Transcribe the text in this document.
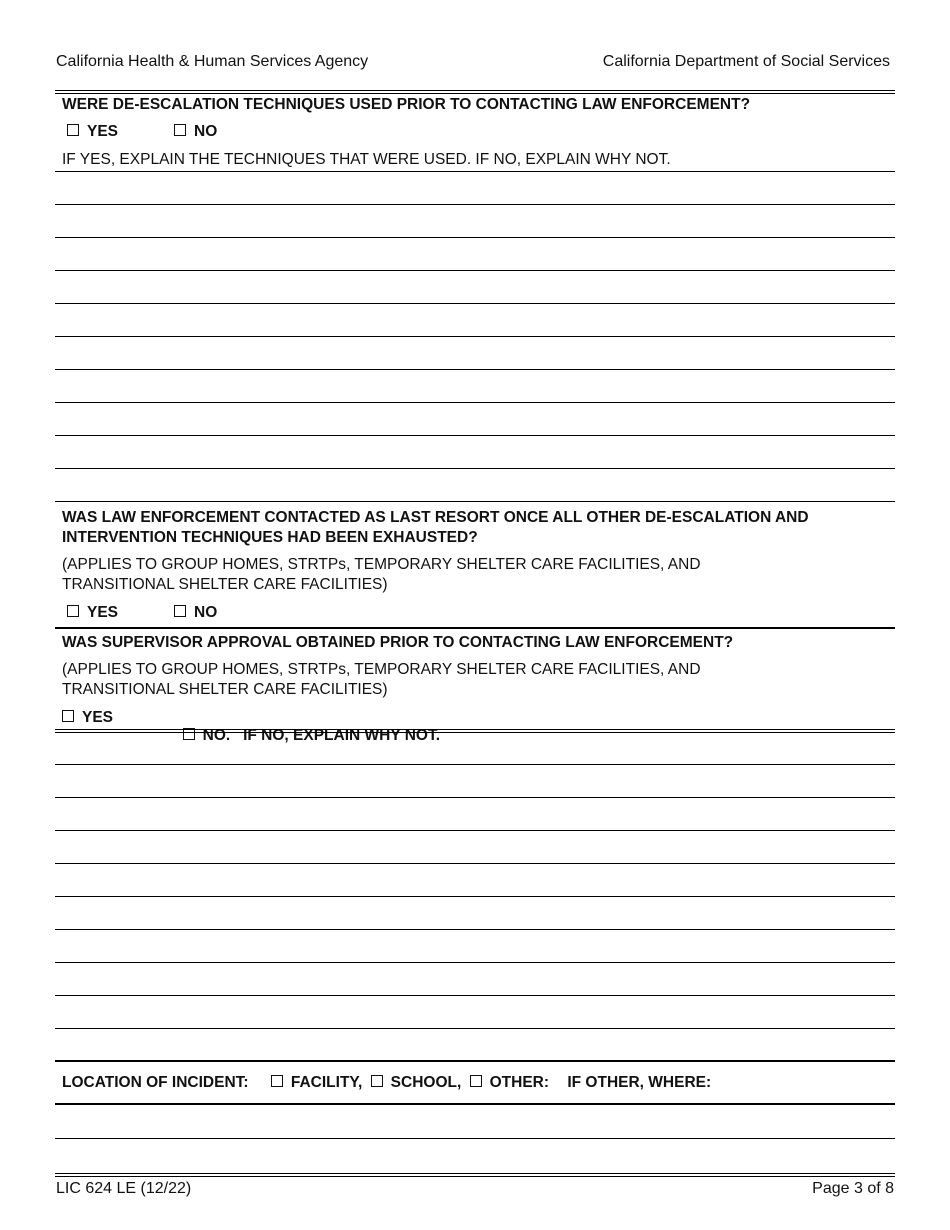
California Health & Human Services Agency	California Department of Social Services
WERE DE-ESCALATION TECHNIQUES USED PRIOR TO CONTACTING LAW ENFORCEMENT?
YES	NO
IF YES, EXPLAIN THE TECHNIQUES THAT WERE USED. IF NO, EXPLAIN WHY NOT.
WAS LAW ENFORCEMENT CONTACTED AS LAST RESORT ONCE ALL OTHER DE-ESCALATION AND INTERVENTION TECHNIQUES HAD BEEN EXHAUSTED?
(APPLIES TO GROUP HOMES, STRTPs, TEMPORARY SHELTER CARE FACILITIES, AND TRANSITIONAL SHELTER CARE FACILITIES)
YES	NO
WAS SUPERVISOR APPROVAL OBTAINED PRIOR TO CONTACTING LAW ENFORCEMENT?
(APPLIES TO GROUP HOMES, STRTPs, TEMPORARY SHELTER CARE FACILITIES, AND TRANSITIONAL SHELTER CARE FACILITIES)
YES

NO.   IF NO, EXPLAIN WHY NOT.

LOCATION OF INCIDENT:	FACILITY, SCHOOL, OTHER: IF OTHER, WHERE:
LIC 624 LE (12/22)	Page 3 of 8
